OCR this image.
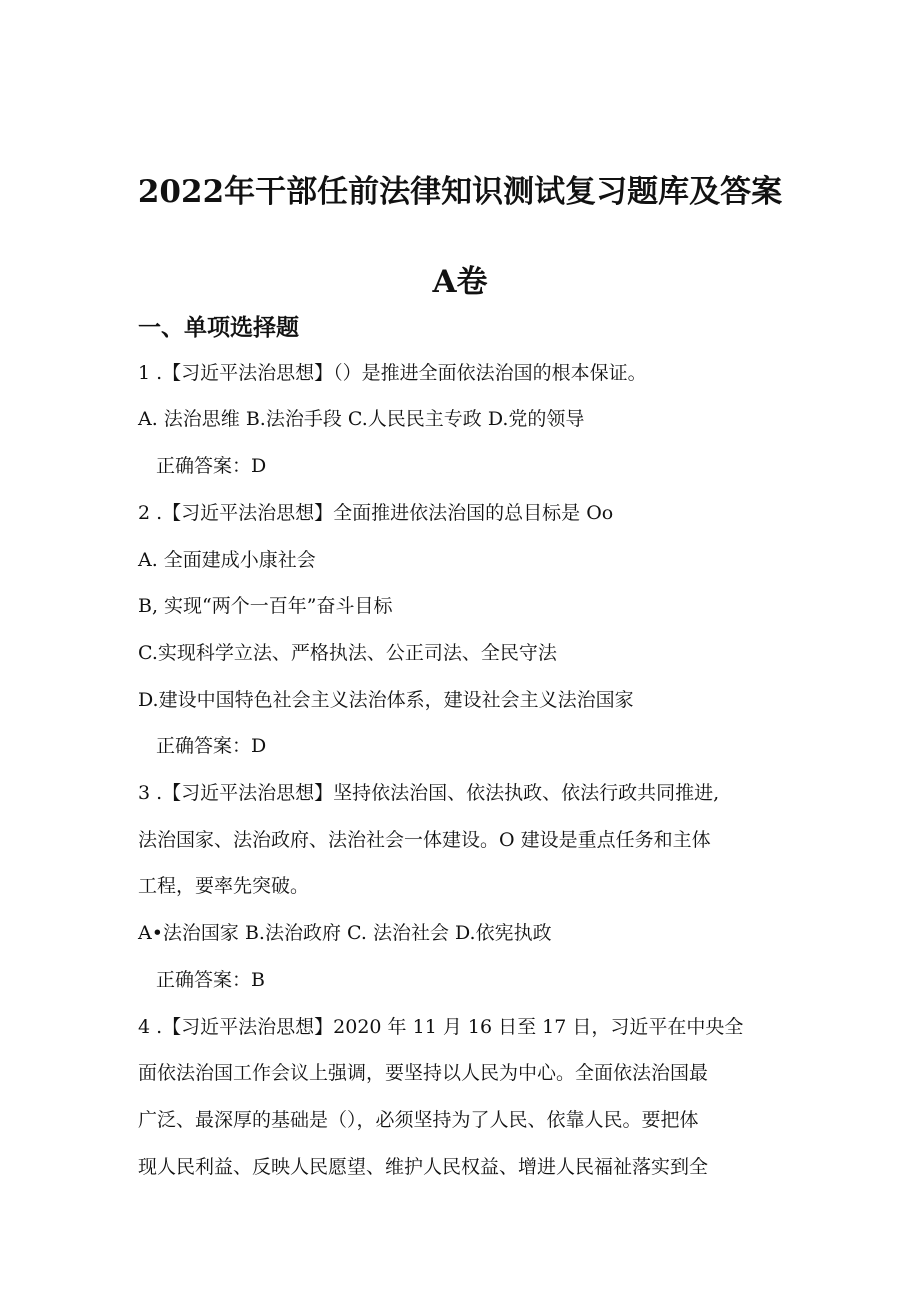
2022年干部任前法律知识测试复习题库及答案
A卷
一、单项选择题
1 .【习近平法治思想】（）是推进全面依法治国的根本保证。
A. 法治思维 B.法治手段 C.人民民主专政 D.党的领导
正确答案：D
2 .【习近平法治思想】全面推进依法治国的总目标是 Oo
A. 全面建成小康社会
B, 实现“两个一百年”奋斗目标
C.实现科学立法、严格执法、公正司法、全民守法
D.建设中国特色社会主义法治体系，建设社会主义法治国家
正确答案：D
3 .【习近平法治思想】坚持依法治国、依法执政、依法行政共同推进,
法治国家、法治政府、法治社会一体建设。O 建设是重点任务和主体
工程，要率先突破。
A•法治国家 B.法治政府 C. 法治社会 D.依宪执政
正确答案：B
4 .【习近平法治思想】2020 年 11 月 16 日至 17 日，习近平在中央全
面依法治国工作会议上强调，要坚持以人民为中心。全面依法治国最
广泛、最深厚的基础是（），必须坚持为了人民、依靠人民。要把体
现人民利益、反映人民愿望、维护人民权益、增进人民福祉落实到全
